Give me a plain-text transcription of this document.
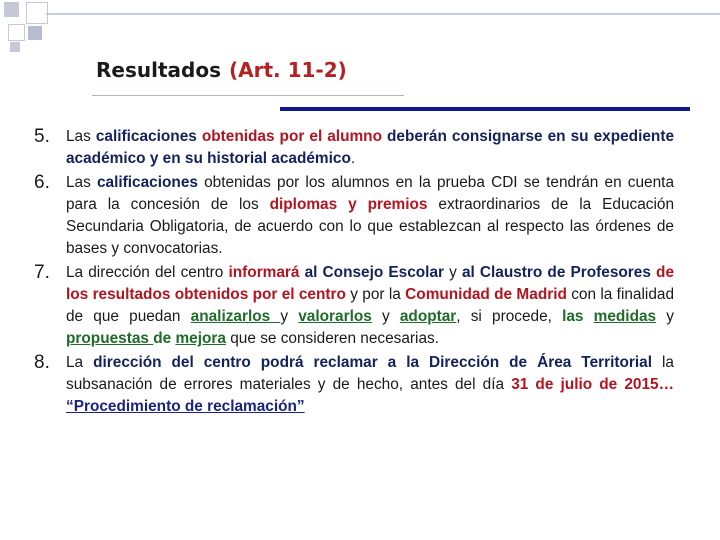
Resultados (Art. 11-2)
5. Las calificaciones obtenidas por el alumno deberán consignarse en su expediente académico y en su historial académico.
6. Las calificaciones obtenidas por los alumnos en la prueba CDI se tendrán en cuenta para la concesión de los diplomas y premios extraordinarios de la Educación Secundaria Obligatoria, de acuerdo con lo que establezcan al respecto las órdenes de bases y convocatorias.
7. La dirección del centro informará al Consejo Escolar y al Claustro de Profesores de los resultados obtenidos por el centro y por la Comunidad de Madrid con la finalidad de que puedan analizarlos y valorarlos y adoptar, si procede, las medidas y propuestas de mejora que se consideren necesarias.
8. La dirección del centro podrá reclamar a la Dirección de Área Territorial la subsanación de errores materiales y de hecho, antes del día 31 de julio de 2015… “Procedimiento de reclamación”
